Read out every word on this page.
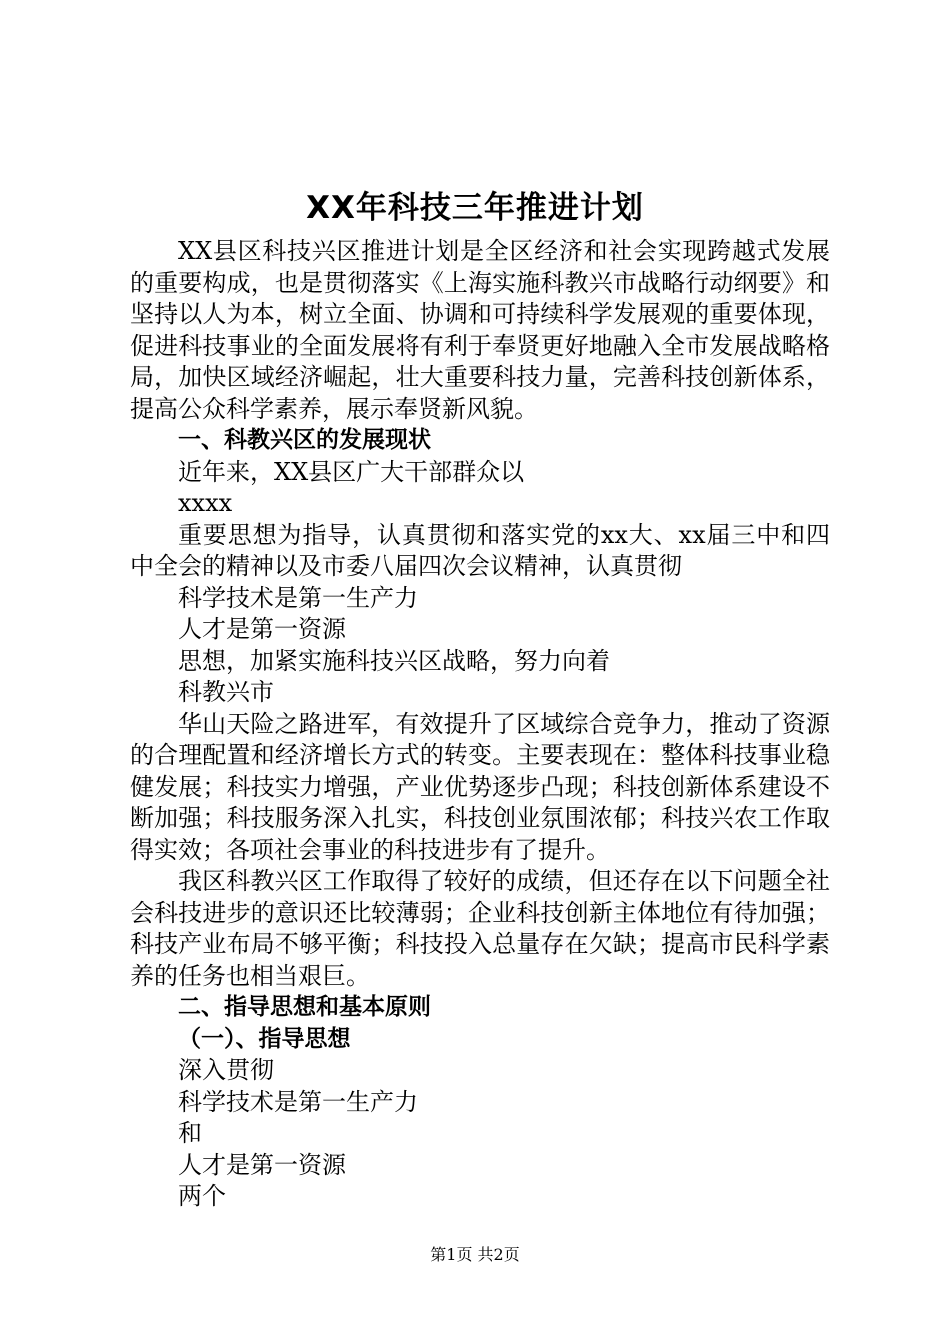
XX年科技三年推进计划

XX县区科技兴区推进计划是全区经济和社会实现跨越式发展的重要构成，也是贯彻落实《上海实施科教兴市战略行动纲要》和坚持以人为本，树立全面、协调和可持续科学发展观的重要体现，促进科技事业的全面发展将有利于奉贤更好地融入全市发展战略格局，加快区域经济崛起，壮大重要科技力量，完善科技创新体系，提高公众科学素养，展示奉贤新风貌。

一、科教兴区的发展现状

近年来，XX县区广大干部群众以

xxxx

重要思想为指导，认真贯彻和落实党的xx大、xx届三中和四中全会的精神以及市委八届四次会议精神，认真贯彻

科学技术是第一生产力

人才是第一资源

思想，加紧实施科技兴区战略，努力向着

科教兴市

华山天险之路进军，有效提升了区域综合竞争力，推动了资源的合理配置和经济增长方式的转变。主要表现在：整体科技事业稳健发展；科技实力增强，产业优势逐步凸现；科技创新体系建设不断加强；科技服务深入扎实，科技创业氛围浓郁；科技兴农工作取得实效；各项社会事业的科技进步有了提升。

我区科教兴区工作取得了较好的成绩，但还存在以下问题全社会科技进步的意识还比较薄弱；企业科技创新主体地位有待加强；科技产业布局不够平衡；科技投入总量存在欠缺；提高市民科学素养的任务也相当艰巨。

二、指导思想和基本原则

（一）、指导思想

深入贯彻

科学技术是第一生产力

和

人才是第一资源

两个

第1页 共2页
